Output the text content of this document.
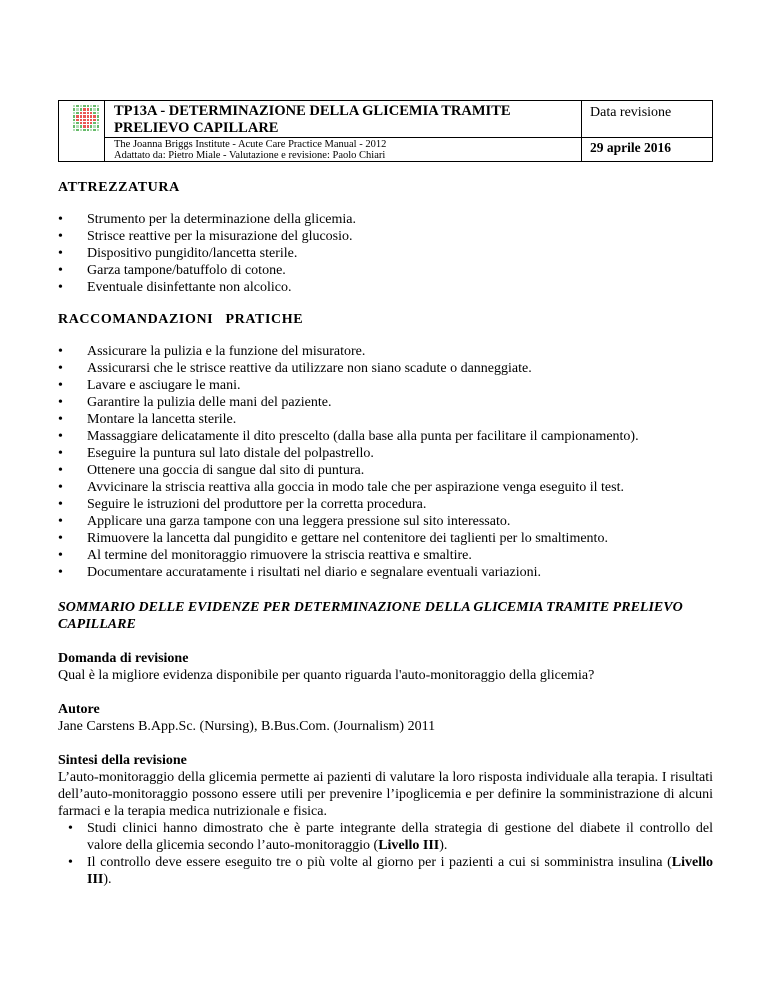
TP13A - DETERMINAZIONE DELLA GLICEMIA TRAMITE PRELIEVO CAPILLARE
The Joanna Briggs Institute - Acute Care Practice Manual - 2012
Adattato da: Pietro Miale - Valutazione e revisione: Paolo Chiari
Data revisione
29 aprile 2016

ATTREZZATURA

• Strumento per la determinazione della glicemia.
• Strisce reattive per la misurazione del glucosio.
• Dispositivo pungidito/lancetta sterile.
• Garza tampone/batuffolo di cotone.
• Eventuale disinfettante non alcolico.

RACCOMANDAZIONI   PRATICHE

• Assicurare la pulizia e la funzione del misuratore.
• Assicurarsi che le strisce reattive da utilizzare non siano scadute o danneggiate.
• Lavare e asciugare le mani.
• Garantire la pulizia delle mani del paziente.
• Montare la lancetta sterile.
• Massaggiare delicatamente il dito prescelto (dalla base alla punta per facilitare il campionamento).
• Eseguire la puntura sul lato distale del polpastrello.
• Ottenere una goccia di sangue dal sito di puntura.
• Avvicinare la striscia reattiva alla goccia in modo tale che per aspirazione venga eseguito il test.
• Seguire le istruzioni del produttore per la corretta procedura.
• Applicare una garza tampone con una leggera pressione sul sito interessato.
• Rimuovere la lancetta dal pungidito e gettare nel contenitore dei taglienti per lo smaltimento.
• Al termine del monitoraggio rimuovere la striscia reattiva e smaltire.
• Documentare accuratamente i risultati nel diario e segnalare eventuali variazioni.

SOMMARIO DELLE EVIDENZE PER DETERMINAZIONE DELLA GLICEMIA TRAMITE PRELIEVO CAPILLARE

Domanda di revisione

Qual è la migliore evidenza disponibile per quanto riguarda l'auto-monitoraggio della glicemia?

Autore

Jane Carstens B.App.Sc. (Nursing), B.Bus.Com. (Journalism) 2011

Sintesi della revisione

L’auto-monitoraggio della glicemia permette ai pazienti di valutare la loro risposta individuale alla terapia. I risultati dell’auto-monitoraggio possono essere utili per prevenire l’ipoglicemia e per definire la somministrazione di alcuni farmaci e la terapia medica nutrizionale e fisica.

• Studi clinici hanno dimostrato che è parte integrante della strategia di gestione del diabete il controllo del valore della glicemia secondo l’auto-monitoraggio (Livello III).
• Il controllo deve essere eseguito tre o più volte al giorno per i pazienti a cui si somministra insulina (Livello III).
